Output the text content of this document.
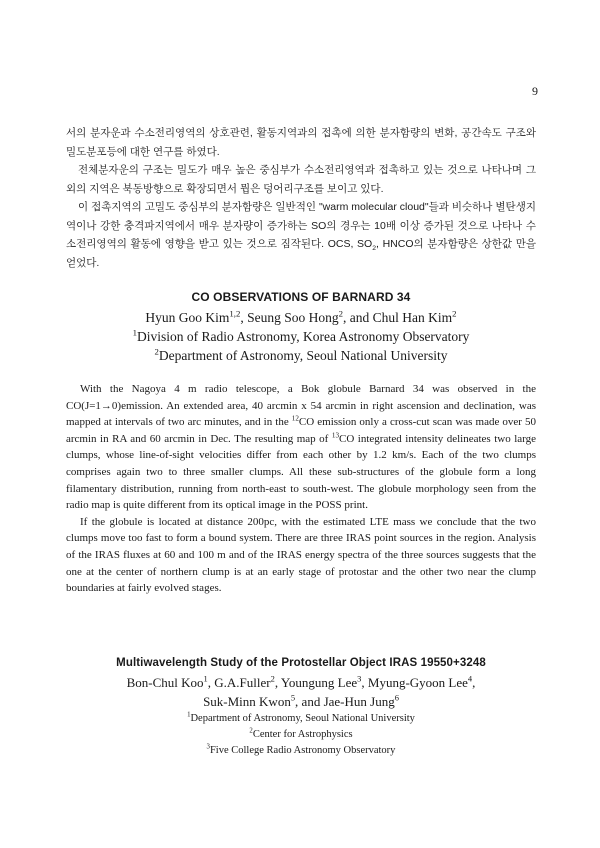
9

서의 분자운과 수소전리영역의 상호관련, 활동지역과의 접촉에 의한 분자함량의 변화, 공간속도 구조와 밀도분포등에 대한 연구를 하였다.

전체분자운의 구조는 밀도가 매우 높은 중심부가 수소전리영역과 접촉하고 있는 것으로 나타나며 그 외의 지역은 북동방향으로 확장되면서 뭡은 덩어리구조를 보이고 있다.

이 접촉지역의 고밀도 중심부의 분자함량은 일반적인 "warm molecular cloud"들과 비슷하나 별탄생지역이나 강한 충격파지역에서 매우 분자량이 증가하는 SO의 경우는 10배 이상 증가된 것으로 나타나 수소전리영역의 활동에 영향을 받고 있는 것으로 짐작된다. OCS, $SO_2$, HNCO의 분자함량은 상한값 만을 얻었다.

CO OBSERVATIONS OF BARNARD 34
Hyun Goo Kim$^{1,2}$, Seung Soo Hong$^2$, and Chul Han Kim$^2$
$^1$Division of Radio Astronomy, Korea Astronomy Observatory
$^2$Department of Astronomy, Seoul National University

With the Nagoya 4 m radio telescope, a Bok globule Barnard 34 was observed in the CO(J=1→0)emission. An extended area, 40 arcmin x 54 arcmin in right ascension and declination, was mapped at intervals of two arc minutes, and in the $^{12}$CO emission only a cross-cut scan was made over 50 arcmin in RA and 60 arcmin in Dec. The resulting map of $^{13}$CO integrated intensity delineates two large clumps, whose line-of-sight velocities differ from each other by 1.2 km/s. Each of the two clumps comprises again two to three smaller clumps. All these sub-structures of the globule form a long filamentary distribution, running from north-east to south-west. The globule morphology seen from the radio map is quite different from its optical image in the POSS print.

If the globule is located at distance 200pc, with the estimated LTE mass we conclude that the two clumps move too fast to form a bound system. There are three IRAS point sources in the region. Analysis of the IRAS fluxes at 60 and 100 m and of the IRAS energy spectra of the three sources suggests that the one at the center of northern clump is at an early stage of protostar and the other two near the clump boundaries at fairly evolved stages.

Multiwavelength Study of the Protostellar Object IRAS 19550+3248
Bon-Chul Koo$^1$, G.A.Fuller$^2$, Youngung Lee$^3$, Myung-Gyoon Lee$^4$,
Suk-Minn Kwon$^5$, and Jae-Hun Jung$^6$
$^1$Department of Astronomy, Seoul National University
$^2$Center for Astrophysics
$^3$Five College Radio Astronomy Observatory
